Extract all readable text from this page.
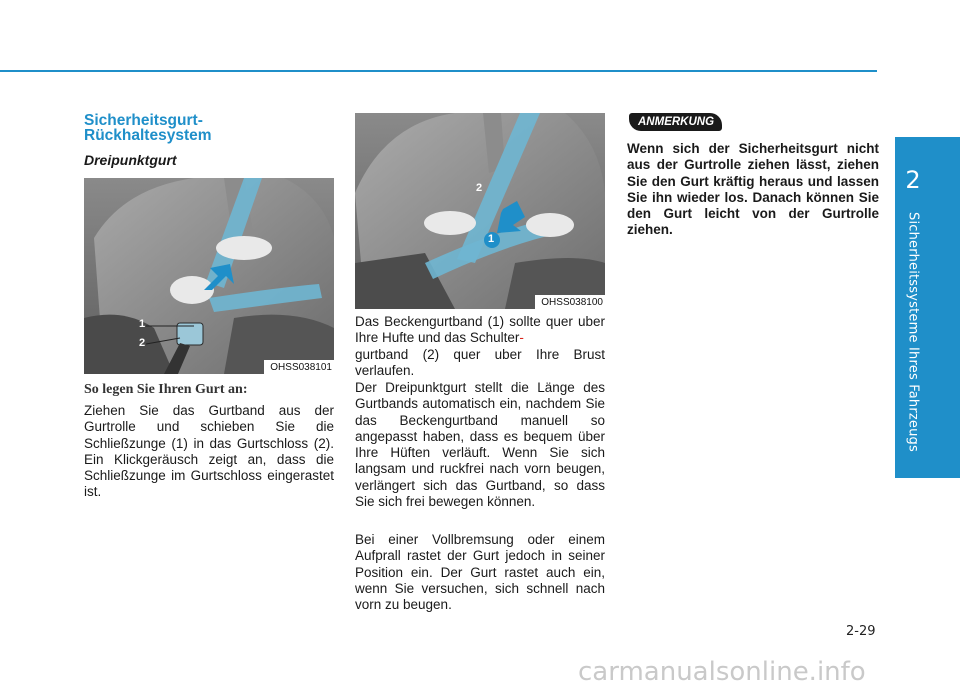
2
Sicherheitssysteme Ihres Fahrzeugs
Sicherheitsgurt-
Rückhaltesystem
Dreipunktgurt
1
2
OHSS038101
1
2
OHSS038100
So legen Sie Ihren Gurt an:

Ziehen Sie das Gurtband aus der Gurtrolle und schieben Sie die Schließzunge (1) in das Gurtschloss (2). Ein Klickgeräusch zeigt an, dass die Schließzunge im Gurtschloss eingerastet ist.

Das Beckengurtband (1) sollte quer uber Ihre Hufte und das Schulter-
gurtband (2) quer uber Ihre Brust verlaufen.

Der Dreipunktgurt stellt die Länge des Gurtbands automatisch ein, nachdem Sie das Beckengurtband manuell so angepasst haben, dass es bequem über Ihre Hüften verläuft. Wenn Sie sich langsam und ruckfrei nach vorn beugen, verlängert sich das Gurtband, so dass Sie sich frei bewegen können.

Bei einer Vollbremsung oder einem Aufprall rastet der Gurt jedoch in seiner Position ein. Der Gurt rastet auch ein, wenn Sie versuchen, sich schnell nach vorn zu beugen.

ANMERKUNG

Wenn sich der Sicherheitsgurt nicht aus der Gurtrolle ziehen lässt, ziehen Sie den Gurt kräftig heraus und lassen Sie ihn wieder los. Danach können Sie den Gurt leicht von der Gurtrolle ziehen.

2-29
carmanualsonline.info
